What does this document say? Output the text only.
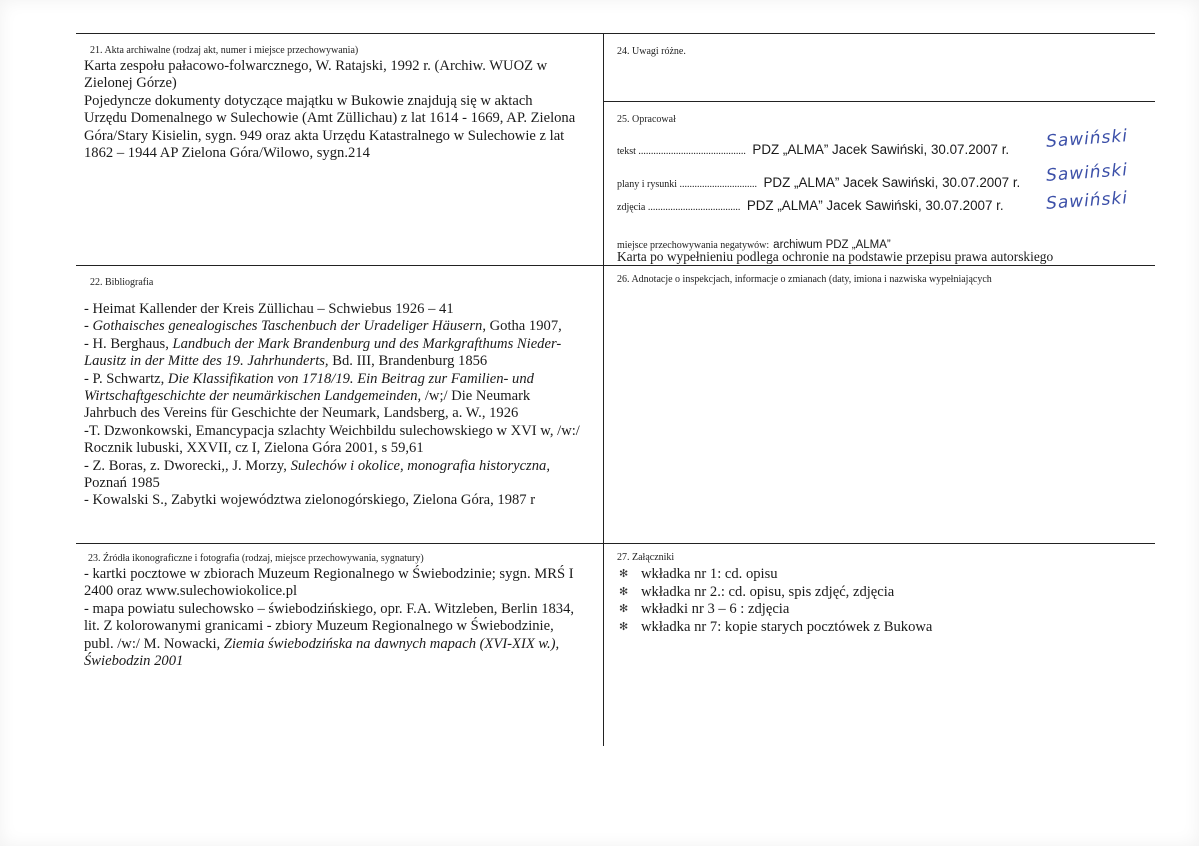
21. Akta archiwalne (rodzaj akt, numer i miejsce przechowywania)

Karta zespołu pałacowo-folwarcznego, W. Ratajski, 1992 r. (Archiw. WUOZ w

Zielonej Górze)

Pojedyncze dokumenty dotyczące majątku w Bukowie znajdują się w aktach

Urzędu Domenalnego w Sulechowie (Amt Züllichau) z lat 1614 - 1669, AP. Zielona

Góra/Stary Kisielin, sygn. 949 oraz akta Urzędu Katastralnego w Sulechowie z lat

1862 – 1944 AP Zielona Góra/Wilowo, sygn.214

24. Uwagi różne.
25. Opracował
tekst ........................................... PDZ „ALMA” Jacek Sawiński, 30.07.2007 r.
plany i rysunki ............................... PDZ „ALMA” Jacek Sawiński, 30.07.2007 r.
zdjęcia ..................................... PDZ „ALMA” Jacek Sawiński, 30.07.2007 r.
Sawiński
Sawiński
Sawiński
miejsce przechowywania negatywów: archiwum PDZ „ALMA”
Karta po wypełnieniu podlega ochronie na podstawie przepisu prawa autorskiego
22. Bibliografia

- Heimat Kallender der Kreis Züllichau – Schwiebus 1926 – 41

- Gothaisches genealogisches Taschenbuch der Uradeliger Häusern, Gotha 1907,

- H. Berghaus, Landbuch der Mark Brandenburg und des Markgrafthums Nieder-

Lausitz in der Mitte des 19. Jahrhunderts, Bd. III, Brandenburg 1856

- P. Schwartz, Die Klassifikation von 1718/19. Ein Beitrag zur Familien- und

Wirtschaftgeschichte der neumärkischen Landgemeinden, /w;/ Die Neumark

Jahrbuch des Vereins für Geschichte der Neumark, Landsberg, a. W., 1926

-T. Dzwonkowski, Emancypacja szlachty Weichbildu sulechowskiego w XVI w, /w:/

Rocznik lubuski, XXVII, cz I, Zielona Góra 2001, s 59,61

- Z. Boras, z. Dworecki,, J. Morzy, Sulechów i okolice, monografia historyczna,

Poznań 1985

- Kowalski S., Zabytki województwa zielonogórskiego, Zielona Góra, 1987 r

26. Adnotacje o inspekcjach, informacje o zmianach (daty, imiona i nazwiska wypełniających
23. Źródła ikonograficzne i fotografia (rodzaj, miejsce przechowywania, sygnatury)

- kartki pocztowe w zbiorach Muzeum Regionalnego w Świebodzinie; sygn. MRŚ I

2400 oraz www.sulechowiokolice.pl

- mapa powiatu sulechowsko – świebodzińskiego, opr. F.A. Witzleben, Berlin 1834,

lit. Z kolorowanymi granicami - zbiory Muzeum Regionalnego w Świebodzinie,

publ. /w:/ M. Nowacki, Ziemia świebodzińska na dawnych mapach (XVI-XIX w.),

Świebodzin 2001

27. Załączniki
✻ wkładka nr 1: cd. opisu
✻ wkładka nr 2.: cd. opisu, spis zdjęć, zdjęcia
✻ wkładki nr 3 – 6 : zdjęcia
✻ wkładka nr 7: kopie starych pocztówek z Bukowa
